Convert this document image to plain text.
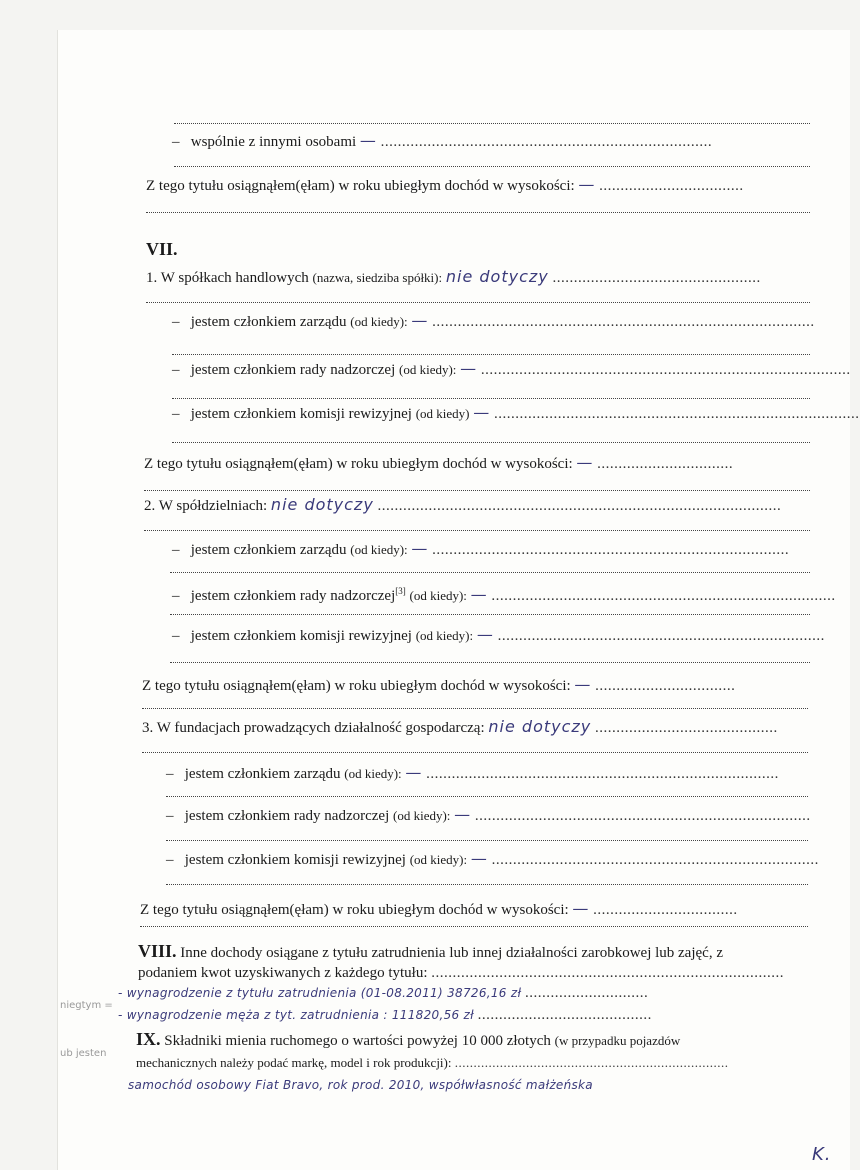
– wspólnie z innymi osobami — ..............................................................................
Z tego tytułu osiągnąłem(ęłam) w roku ubiegłym dochód w wysokości: — ..................................
VII.
1. W spółkach handlowych (nazwa, siedziba spółki): nie dotyczy .................................................
– jestem członkiem zarządu (od kiedy): — ..........................................................................................
– jestem członkiem rady nadzorczej (od kiedy): — .......................................................................................
– jestem członkiem komisji rewizyjnej (od kiedy) — ......................................................................................
Z tego tytułu osiągnąłem(ęłam) w roku ubiegłym dochód w wysokości: — ................................
2. W spółdzielniach: nie dotyczy ...............................................................................................
– jestem członkiem zarządu (od kiedy): — ....................................................................................
– jestem członkiem rady nadzorczej[3] (od kiedy): — .................................................................................
– jestem członkiem komisji rewizyjnej (od kiedy): — .............................................................................
Z tego tytułu osiągnąłem(ęłam) w roku ubiegłym dochód w wysokości: — .................................
3. W fundacjach prowadzących działalność gospodarczą: nie dotyczy ...........................................
– jestem członkiem zarządu (od kiedy): — ...................................................................................
– jestem członkiem rady nadzorczej (od kiedy): — ...............................................................................
– jestem członkiem komisji rewizyjnej (od kiedy): — .............................................................................
Z tego tytułu osiągnąłem(ęłam) w roku ubiegłym dochód w wysokości: — ..................................
VIII. Inne dochody osiągane z tytułu zatrudnienia lub innej działalności zarobkowej lub zajęć, z
podaniem kwot uzyskiwanych z każdego tytułu: ...................................................................................
- wynagrodzenie z tytułu zatrudnienia (01-08.2011) 38726,16 zł .............................
- wynagrodzenie męża z tyt. zatrudnienia : 111820,56 zł .........................................
IX. Składniki mienia ruchomego o wartości powyżej 10 000 złotych (w przypadku pojazdów
mechanicznych należy podać markę, model i rok produkcji): .........................................................................
samochód osobowy Fiat Bravo, rok prod. 2010, współwłasność małżeńska
niegtym =
ub jesten
K.
